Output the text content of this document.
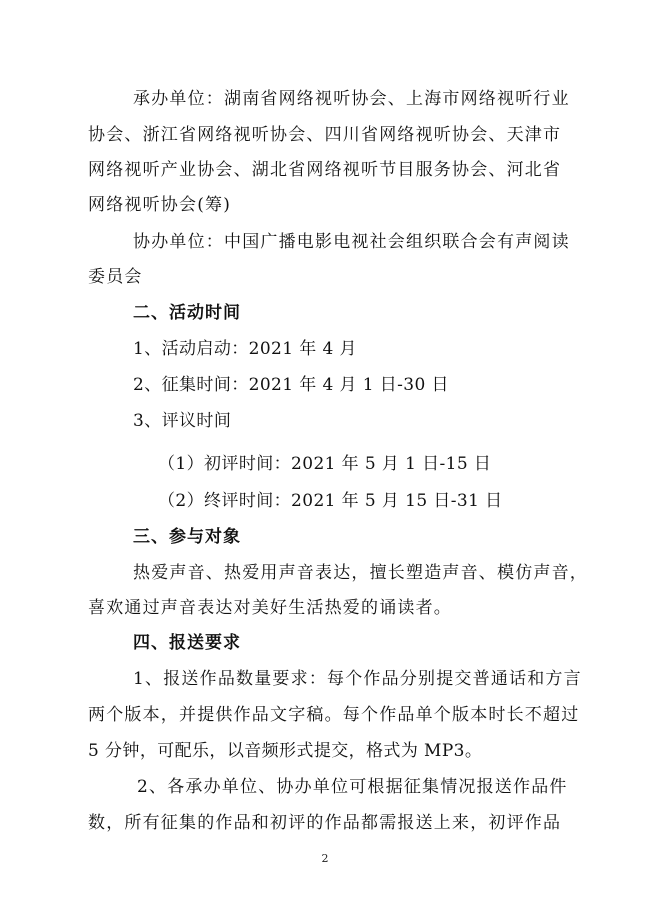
承办单位：湖南省网络视听协会、上海市网络视听行业
协会、浙江省网络视听协会、四川省网络视听协会、天津市
网络视听产业协会、湖北省网络视听节目服务协会、河北省
网络视听协会(筹)
协办单位：中国广播电影电视社会组织联合会有声阅读
委员会
二、活动时间
1、活动启动：2021 年 4 月
2、征集时间：2021 年 4 月 1 日-30 日
3、评议时间
（1）初评时间：2021 年 5 月 1 日-15 日
（2）终评时间：2021 年 5 月 15 日-31 日
三、参与对象
热爱声音、热爱用声音表达，擅长塑造声音、模仿声音，
喜欢通过声音表达对美好生活热爱的诵读者。
四、报送要求
1、报送作品数量要求：每个作品分别提交普通话和方言
两个版本，并提供作品文字稿。每个作品单个版本时长不超过
5 分钟，可配乐，以音频形式提交，格式为 MP3。
2、各承办单位、协办单位可根据征集情况报送作品件
数，所有征集的作品和初评的作品都需报送上来，初评作品
2
